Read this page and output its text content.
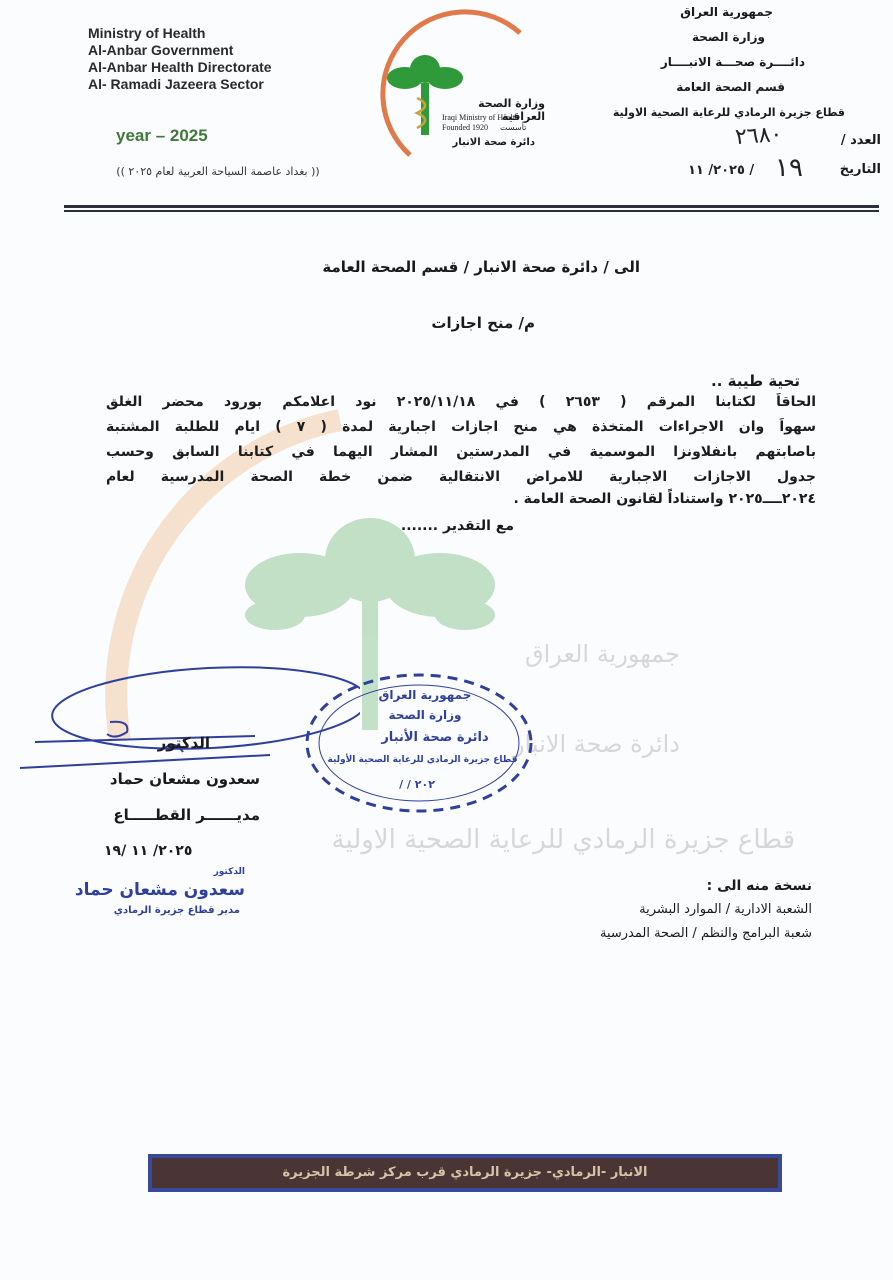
جمهورية العراق
دائرة صحة الانبار
قطاع جزيرة الرمادي للرعاية الصحية الاولية
Ministry of Health
Al-Anbar Government
Al-Anbar Health Directorate
Al- Ramadi Jazeera Sector
year – 2025
(( بغداد عاصمة السياحة العربية لعام ٢٠٢٥ ))
وزارة الصحة العراقية
Iraqi Ministry of Health
Founded 1920 تأسست
دائرة صحة الانبار
جمهورية العراق
وزارة الصحة
دائــــرة صحـــة الانبــــار
قسم الصحة العامة
قطاع جزيرة الرمادي للرعاية الصحية الاولية
العدد /
٢٦٨٠
التاريخ
١٩
٢٠٢٥/ ١١ /
الى / دائرة صحة الانبار / قسم الصحة العامة
م/ منح اجازات
تحية طيبة ..
الحاقاً لكتابنا المرقم ( ٢٦٥٣ ) في ٢٠٢٥/١١/١٨ نود اعلامكم بورود محضر الغلق
سهواً وان الاجراءات المتخذة هي منح اجازات اجبارية لمدة ( ٧ ) ايام للطلبة المشتبة
باصابتهم بانفلاونزا الموسمية في المدرستين المشار اليهما في كتابنا السابق وحسب
جدول الاجازات الاجبارية للامراض الانتقالية ضمن خطة الصحة المدرسية لعام
٢٠٢٤ــــ٢٠٢٥ واستناداً لقانون الصحة العامة .
مع التقدير .......
الدكتور
سعدون مشعان حماد
مديــــــر القطـــــاع
٢٠٢٥/ ١١ /١٩
الدكتور
سعدون مشعان حماد
مدير قطاع جزيرة الرمادي
جمهورية العراق
وزارة الصحة
دائرة صحة الأنبار
قطاع جزيرة الرمادي للرعاية الصحية الأولية
/ / ٢٠٢
نسخة منه الى :
الشعبة الادارية / الموارد البشرية
شعبة البرامج والنظم / الصحة المدرسية
الانبار -الرمادي- جزيرة الرمادي قرب مركز شرطة الجزيرة
